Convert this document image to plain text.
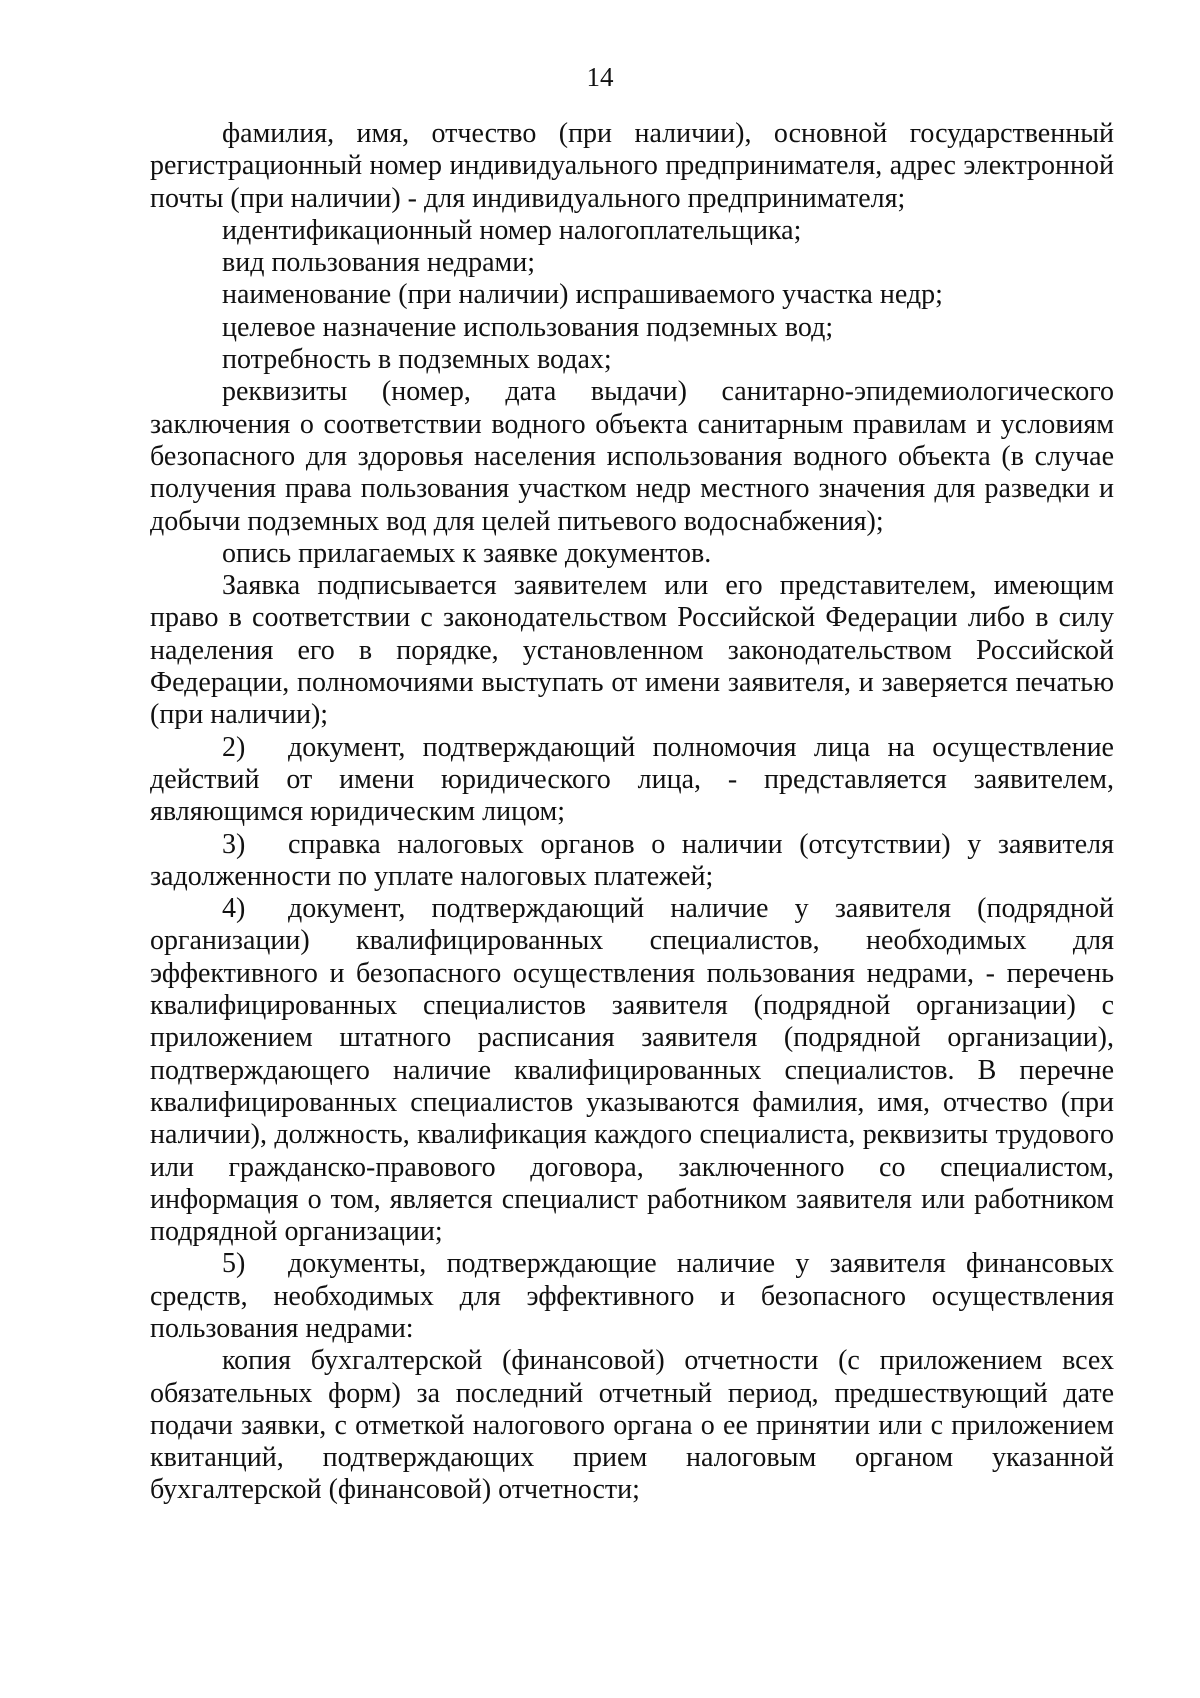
14

фамилия, имя, отчество (при наличии), основной государственный регистрационный номер индивидуального предпринимателя, адрес электронной почты (при наличии) - для индивидуального предпринимателя;

идентификационный номер налогоплательщика;

вид пользования недрами;

наименование (при наличии) испрашиваемого участка недр;

целевое назначение использования подземных вод;

потребность в подземных водах;

реквизиты (номер, дата выдачи) санитарно-эпидемиологического заключения о соответствии водного объекта санитарным правилам и условиям безопасного для здоровья населения использования водного объекта (в случае получения права пользования участком недр местного значения для разведки и добычи подземных вод для целей питьевого водоснабжения);

опись прилагаемых к заявке документов.

Заявка подписывается заявителем или его представителем, имеющим право в соответствии с законодательством Российской Федерации либо в силу наделения его в порядке, установленном законодательством Российской Федерации, полномочиями выступать от имени заявителя, и заверяется печатью (при наличии);

2) документ, подтверждающий полномочия лица на осуществление действий от имени юридического лица, - представляется заявителем, являющимся юридическим лицом;

3) справка налоговых органов о наличии (отсутствии) у заявителя задолженности по уплате налоговых платежей;

4) документ, подтверждающий наличие у заявителя (подрядной организации) квалифицированных специалистов, необходимых для эффективного и безопасного осуществления пользования недрами, - перечень квалифицированных специалистов заявителя (подрядной организации) с приложением штатного расписания заявителя (подрядной организации), подтверждающего наличие квалифицированных специалистов. В перечне квалифицированных специалистов указываются фамилия, имя, отчество (при наличии), должность, квалификация каждого специалиста, реквизиты трудового или гражданско-правового договора, заключенного со специалистом, информация о том, является специалист работником заявителя или работником подрядной организации;

5) документы, подтверждающие наличие у заявителя финансовых средств, необходимых для эффективного и безопасного осуществления пользования недрами:

копия бухгалтерской (финансовой) отчетности (с приложением всех обязательных форм) за последний отчетный период, предшествующий дате подачи заявки, с отметкой налогового органа о ее принятии или с приложением квитанций, подтверждающих прием налоговым органом указанной бухгалтерской (финансовой) отчетности;
